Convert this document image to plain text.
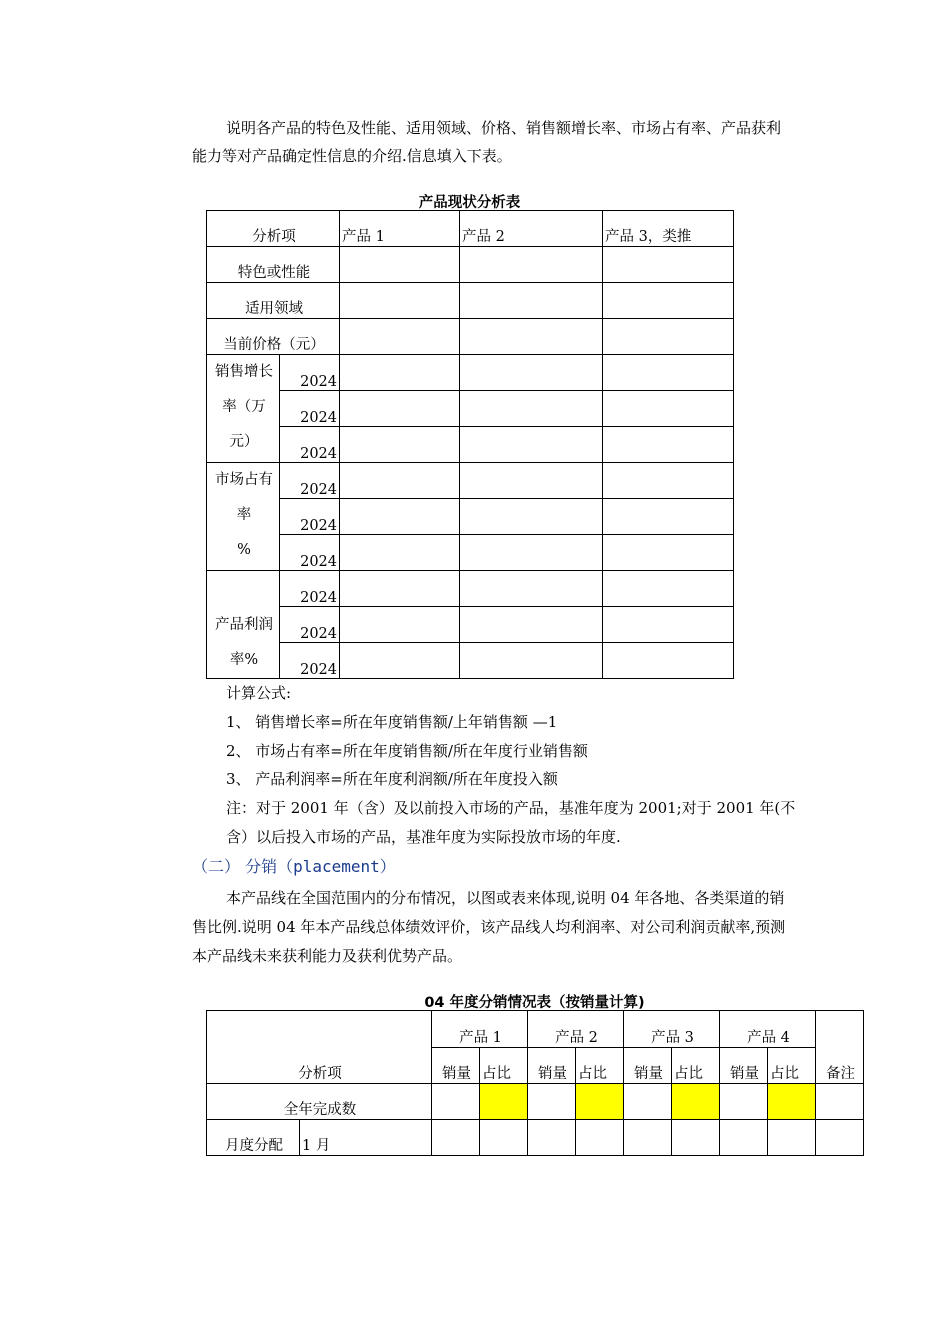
说明各产品的特色及性能、适用领域、价格、销售额增长率、市场占有率、产品获利
能力等对产品确定性信息的介绍.信息填入下表。
产品现状分析表
分析项		产品 1	产品 2	产品 3，类推
特色或性能				
适用领域				
当前价格（元）				

销售增长
率（万
元）	2024			
	2024			
	2024			

市场占有
率
%	2024			
	2024			
	2024			

产品利润
率%	2024			
	2024			
	2024			
计算公式:
1、 销售增长率=所在年度销售额/上年销售额 —1
2、 市场占有率=所在年度销售额/所在年度行业销售额
3、 产品利润率=所在年度利润额/所在年度投入额
注：对于 2001 年（含）及以前投入市场的产品，基准年度为 2001;对于 2001 年(不
含）以后投入市场的产品，基准年度为实际投放市场的年度.
（二） 分销（placement）
本产品线在全国范围内的分布情况，以图或表来体现,说明 04 年各地、各类渠道的销
售比例.说明 04 年本产品线总体绩效评价，该产品线人均利润率、对公司利润贡献率,预测
本产品线未来获利能力及获利优势产品。
04 年度分销情况表（按销量计算)
分析项		产品 1		产品 2		产品 3		产品 4		备注
		销量	占比	销量	占比	销量	占比	销量	占比	
全年完成数										
月度分配	1 月									
